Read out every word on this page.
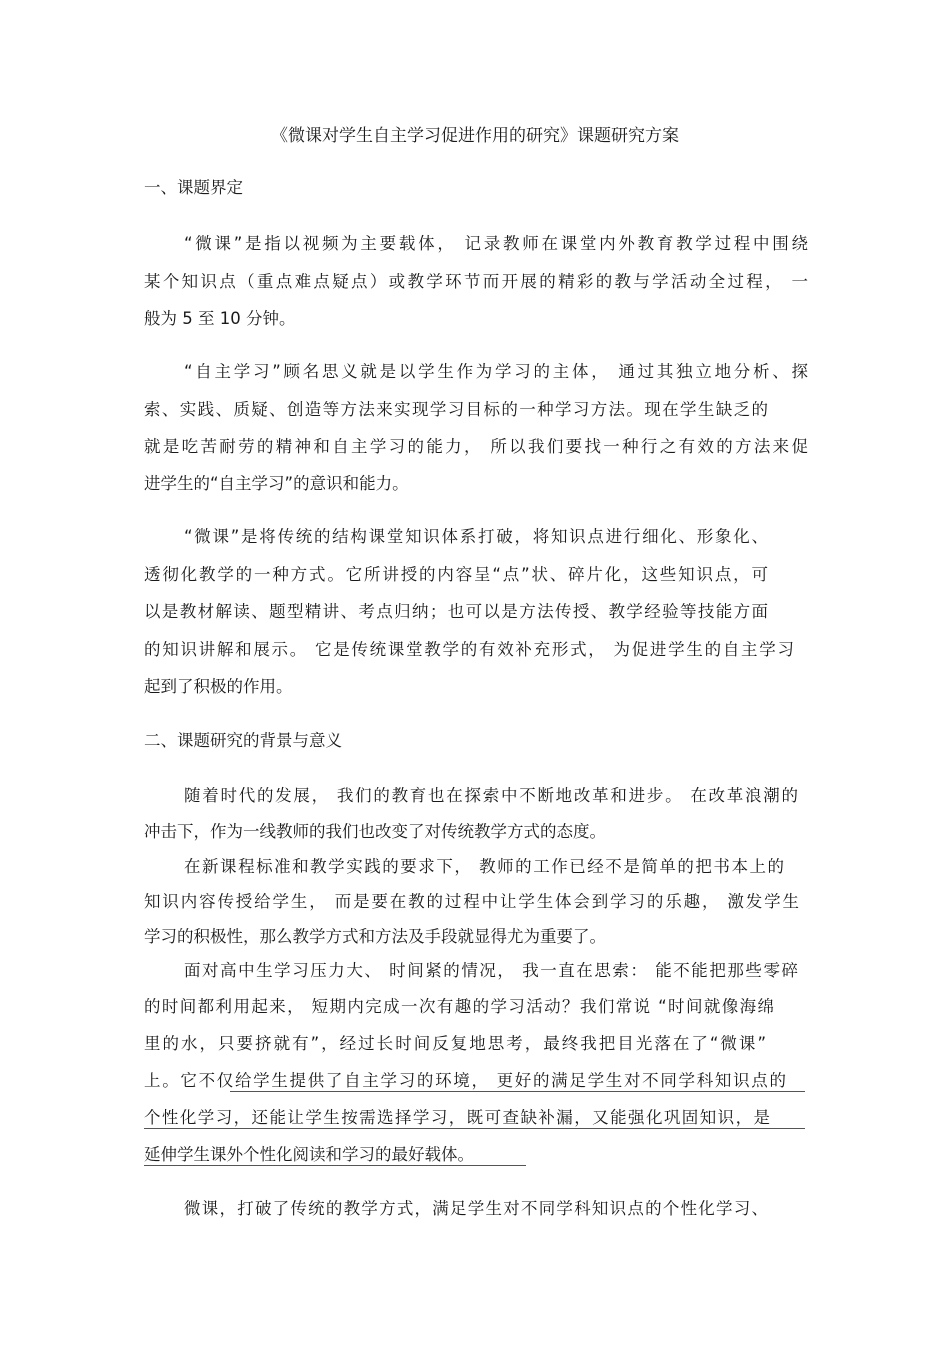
《微课对学生自主学习促进作用的研究》课题研究方案
一、课题界定
“微课”是指以视频为主要载体， 记录教师在课堂内外教育教学过程中围绕
某个知识点（重点难点疑点）或教学环节而开展的精彩的教与学活动全过程， 一
般为 5 至 10 分钟。
“自主学习”顾名思义就是以学生作为学习的主体， 通过其独立地分析、探
索、实践、质疑、创造等方法来实现学习目标的一种学习方法。现在学生缺乏的
就是吃苦耐劳的精神和自主学习的能力， 所以我们要找一种行之有效的方法来促
进学生的“自主学习”的意识和能力。
“微课”是将传统的结构课堂知识体系打破，将知识点进行细化、形象化、
透彻化教学的一种方式。它所讲授的内容呈“点”状、碎片化，这些知识点，可
以是教材解读、题型精讲、考点归纳；也可以是方法传授、教学经验等技能方面
的知识讲解和展示。 它是传统课堂教学的有效补充形式， 为促进学生的自主学习
起到了积极的作用。
二、课题研究的背景与意义
随着时代的发展， 我们的教育也在探索中不断地改革和进步。 在改革浪潮的
冲击下，作为一线教师的我们也改变了对传统教学方式的态度。
在新课程标准和教学实践的要求下， 教师的工作已经不是简单的把书本上的
知识内容传授给学生， 而是要在教的过程中让学生体会到学习的乐趣， 激发学生
学习的积极性，那么教学方式和方法及手段就显得尤为重要了。
面对高中生学习压力大、 时间紧的情况， 我一直在思索： 能不能把那些零碎
的时间都利用起来， 短期内完成一次有趣的学习活动？我们常说 “时间就像海绵
里的水，只要挤就有”，经过长时间反复地思考，最终我把目光落在了“微课”
上。它不仅给学生提供了自主学习的环境， 更好的满足学生对不同学科知识点的
个性化学习，还能让学生按需选择学习，既可查缺补漏，又能强化巩固知识，是
延伸学生课外个性化阅读和学习的最好载体。
微课，打破了传统的教学方式，满足学生对不同学科知识点的个性化学习、
